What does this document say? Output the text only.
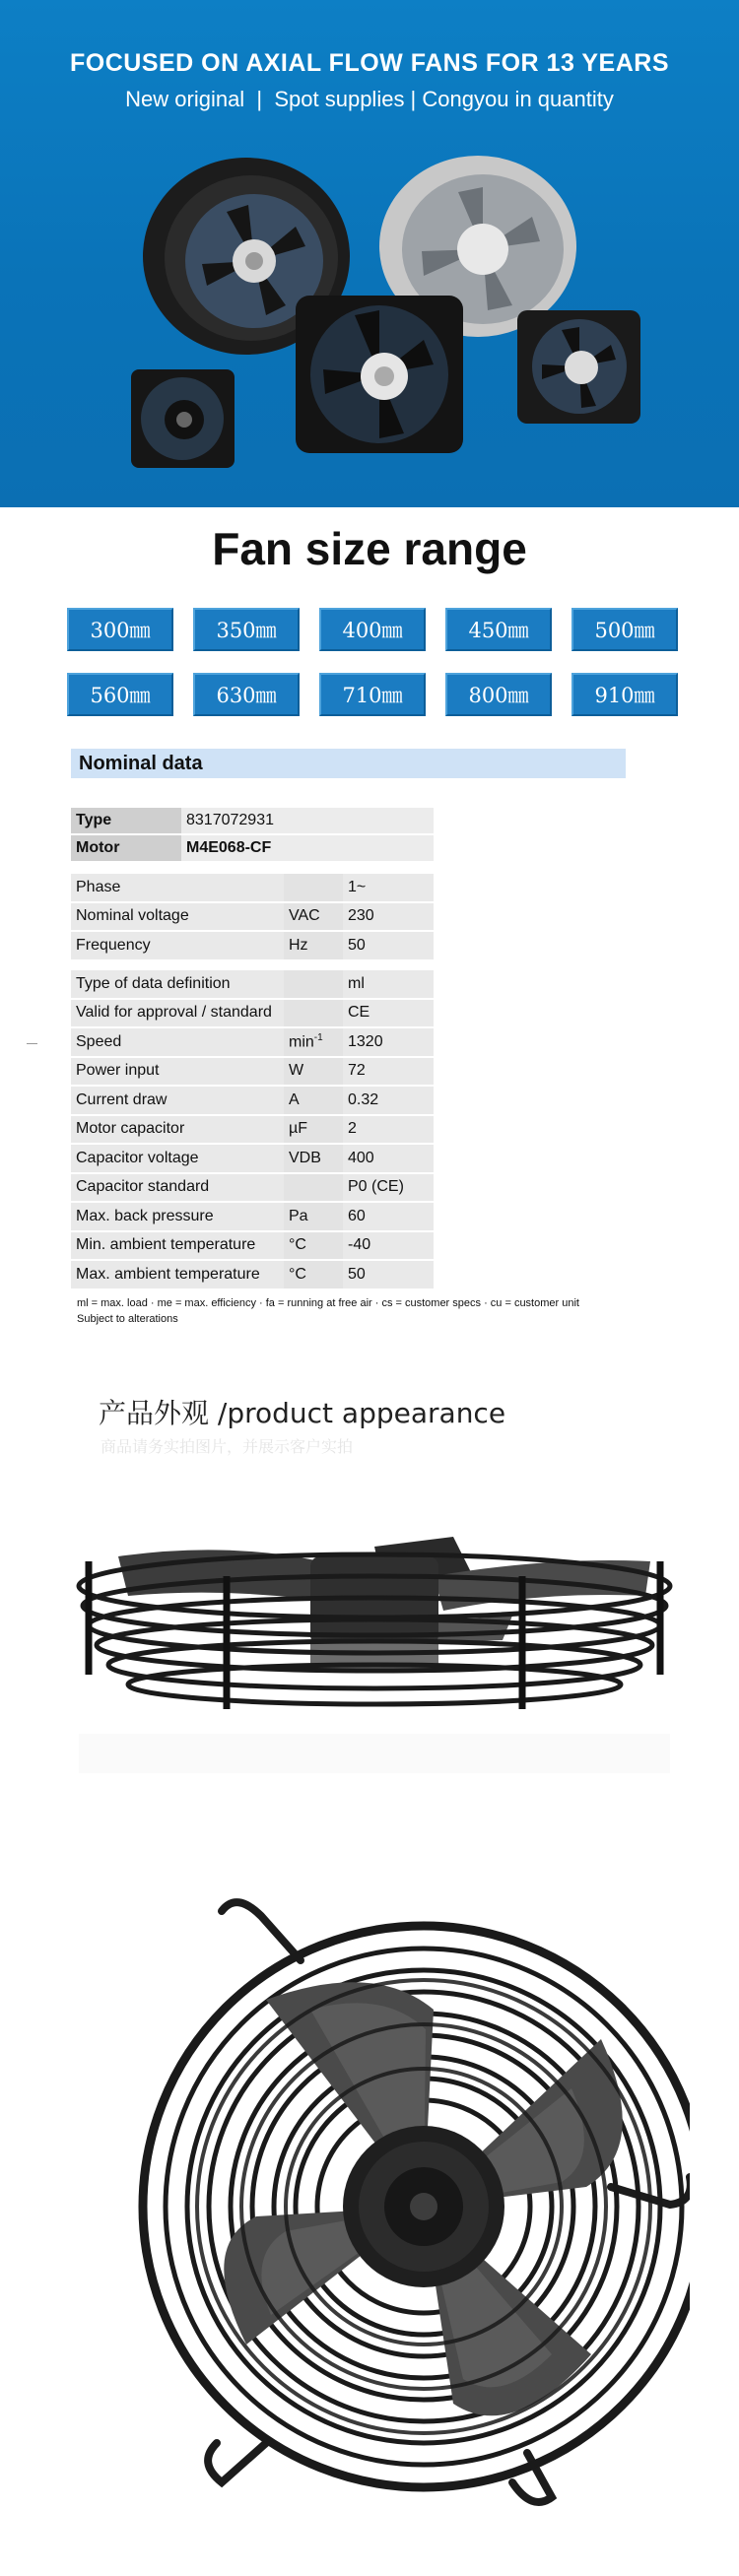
FOCUSED ON AXIAL FLOW FANS FOR 13 YEARS
New original  |  Spot supplies | Congyou in quantity
Fan size range
300㎜	350㎜	400㎜	450㎜	500㎜
560㎜	630㎜	710㎜	800㎜	910㎜
Nominal data
Type	8317072931
Motor	M4E068-CF
Phase		1~
Nominal voltage	VAC	230
Frequency	Hz	50
Type of data definition		ml
Valid for approval / standard		CE
Speed	$\min^{-1}$	1320
Power input	W	72
Current draw	A	0.32
Motor capacitor	µF	2
Capacitor voltage	VDB	400
Capacitor standard		P0 (CE)
Max. back pressure	Pa	60
Min. ambient temperature	°C	-40
Max. ambient temperature	°C	50
ml = max. load · me = max. efficiency · fa = running at free air · cs = customer specs · cu = customer unit
Subject to alterations
产品外观 /product appearance
商品请务实拍图片，并展示客户实拍
